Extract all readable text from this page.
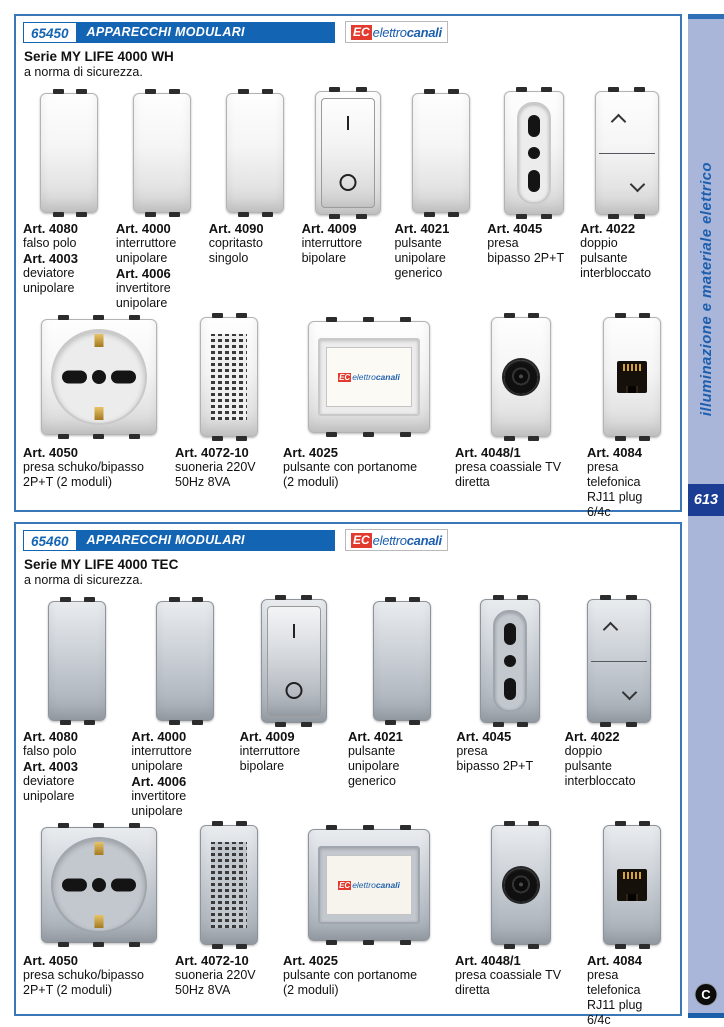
65450	APPARECCHI MODULARI	EC elettro canali
Serie MY LIFE 4000 WH
a norma di sicurezza.
Art. 4080
falso polo
Art. 4003
deviatore
unipolare
Art. 4000
interruttore
unipolare
Art. 4006
invertitore
unipolare
Art. 4090
copritasto
singolo
Art. 4009
interruttore
bipolare
Art. 4021
pulsante
unipolare
generico
Art. 4045
presa
bipasso 2P+T
Art. 4022
doppio
pulsante
interbloccato
EC elettro canali
Art. 4050
presa schuko/bipasso
2P+T (2 moduli)
Art. 4072-10
suoneria 220V
50Hz 8VA
Art. 4025
pulsante con portanome
(2 moduli)
Art. 4048/1
presa coassiale TV
diretta
Art. 4084
presa telefonica
RJ11 plug 6/4c
65460	APPARECCHI MODULARI	EC elettro canali
Serie MY LIFE 4000 TEC
a norma di sicurezza.
Art. 4080
falso polo
Art. 4003
deviatore
unipolare
Art. 4000
interruttore
unipolare
Art. 4006
invertitore
unipolare
Art. 4009
interruttore
bipolare
Art. 4021
pulsante
unipolare
generico
Art. 4045
presa
bipasso 2P+T
Art. 4022
doppio
pulsante
interbloccato
EC elettro canali
Art. 4050
presa schuko/bipasso
2P+T (2 moduli)
Art. 4072-10
suoneria 220V
50Hz 8VA
Art. 4025
pulsante con portanome
(2 moduli)
Art. 4048/1
presa coassiale TV
diretta
Art. 4084
presa telefonica
RJ11 plug 6/4c
illuminazione e materiale elettrico
613
C
